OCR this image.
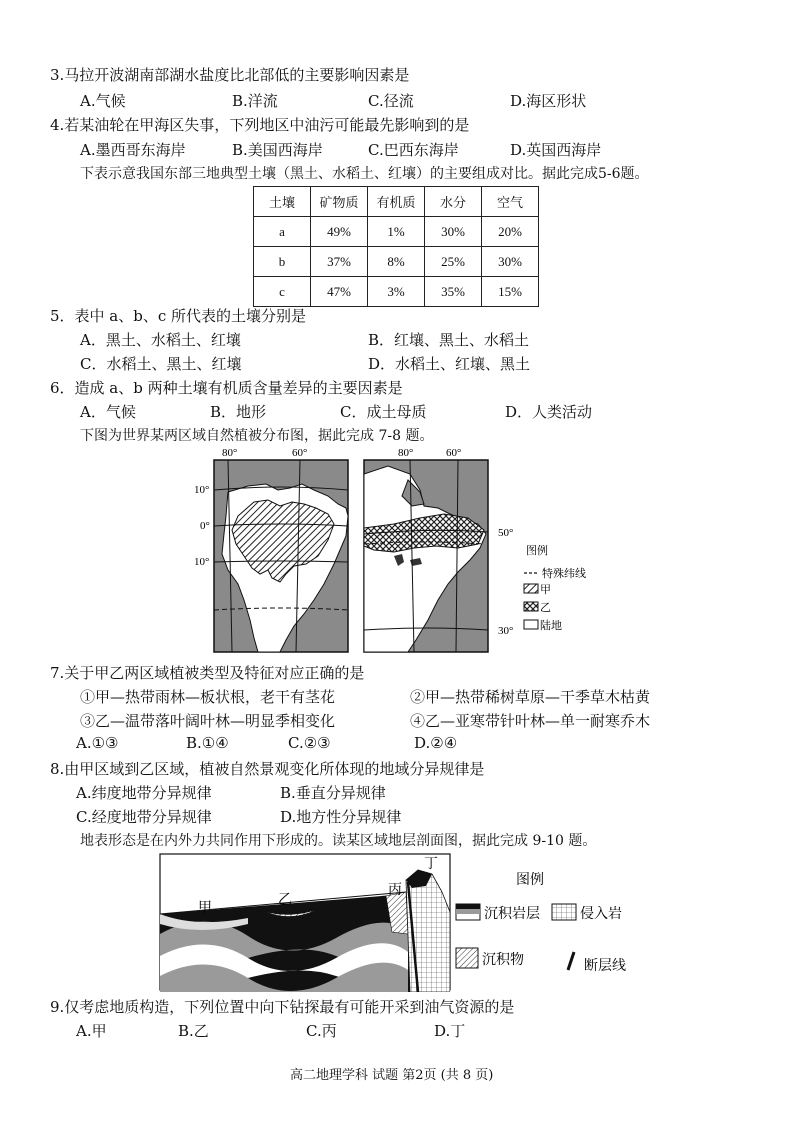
3.马拉开波湖南部湖水盐度比北部低的主要影响因素是
A.气候	B.洋流	C.径流	D.海区形状
4.若某油轮在甲海区失事，下列地区中油污可能最先影响到的是
A.墨西哥东海岸	B.美国西海岸	C.巴西东海岸	D.英国西海岸
下表示意我国东部三地典型土壤（黑土、水稻土、红壤）的主要组成对比。据此完成5-6题。
土壤	矿物质	有机质	水分	空气
a	49%	1%	30%	20%
b	37%	8%	25%	30%
c	47%	3%	35%	15%
5．表中 a、b、c 所代表的土壤分别是
A．黑土、水稻土、红壤	B．红壤、黑土、水稻土
C．水稻土、黑土、红壤	D．水稻土、红壤、黑土
6．造成 a、b 两种土壤有机质含量差异的主要因素是
A．气候	B．地形	C．成土母质	D．人类活动
下图为世界某两区域自然植被分布图，据此完成 7-8 题。
80°	60°
10°
0°
10°
80°	60°
50°
30°
图例
特殊纬线
甲
乙
陆地
7.关于甲乙两区域植被类型及特征对应正确的是
①甲—热带雨林—板状根，老干有茎花	②甲—热带稀树草原—干季草木枯黄
③乙—温带落叶阔叶林—明显季相变化	④乙—亚寒带针叶林—单一耐寒乔木
A.①③	B.①④	C.②③	D.②④
8.由甲区域到乙区域，植被自然景观变化所体现的地域分异规律是
A.纬度地带分异规律	B.垂直分异规律
C.经度地带分异规律	D.地方性分异规律
地表形态是在内外力共同作用下形成的。读某区域地层剖面图，据此完成 9-10 题。
甲	乙
丙
丁
图例
沉积岩层	侵入岩
沉积物	断层线
9.仅考虑地质构造，下列位置中向下钻探最有可能开采到油气资源的是
A.甲	B.乙	C.丙	D.丁
高二地理学科 试题 第2页 (共 8 页)
